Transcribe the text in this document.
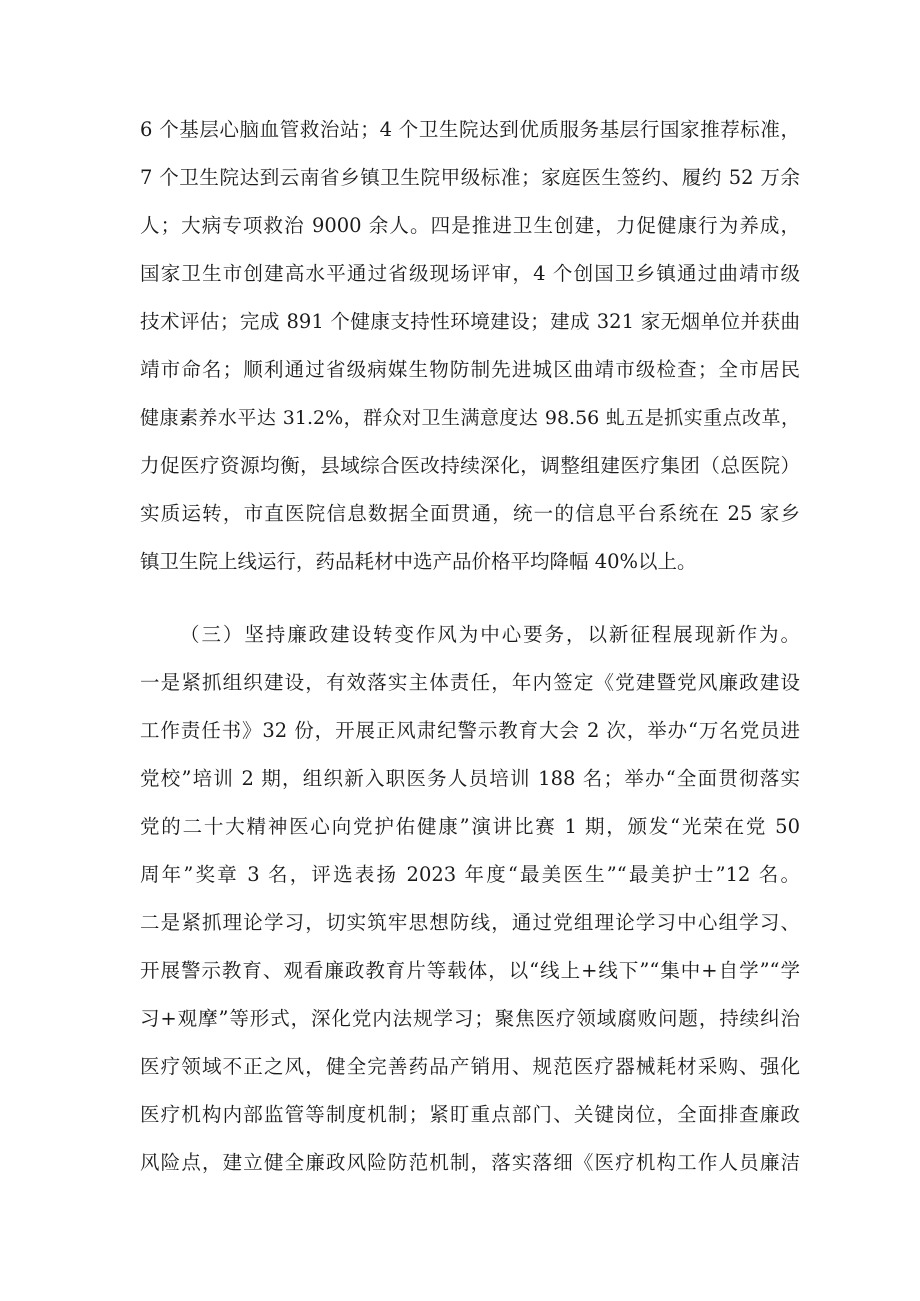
6 个基层心脑血管救治站；4 个卫生院达到优质服务基层行国家推荐标准，
7 个卫生院达到云南省乡镇卫生院甲级标准；家庭医生签约、履约 52 万余
人；大病专项救治 9000 余人。四是推进卫生创建，力促健康行为养成，
国家卫生市创建高水平通过省级现场评审，4 个创国卫乡镇通过曲靖市级
技术评估；完成 891 个健康支持性环境建设；建成 321 家无烟单位并获曲
靖市命名；顺利通过省级病媒生物防制先进城区曲靖市级检查；全市居民
健康素养水平达 31.2%，群众对卫生满意度达 98.56 虬五是抓实重点改革，
力促医疗资源均衡，县域综合医改持续深化，调整组建医疗集团（总医院）
实质运转，市直医院信息数据全面贯通，统一的信息平台系统在 25 家乡
镇卫生院上线运行，药品耗材中选产品价格平均降幅 40%以上。
（三）坚持廉政建设转变作风为中心要务，以新征程展现新作为。
一是紧抓组织建设，有效落实主体责任，年内签定《党建暨党风廉政建设
工作责任书》32 份，开展正风肃纪警示教育大会 2 次，举办“万名党员进
党校”培训 2 期，组织新入职医务人员培训 188 名；举办“全面贯彻落实
党的二十大精神医心向党护佑健康”演讲比赛 1 期，颁发“光荣在党 50
周年”奖章 3 名，评选表扬 2023 年度“最美医生”“最美护士”12 名。
二是紧抓理论学习，切实筑牢思想防线，通过党组理论学习中心组学习、
开展警示教育、观看廉政教育片等载体，以“线上+线下”“集中+自学”“学
习+观摩”等形式，深化党内法规学习；聚焦医疗领域腐败问题，持续纠治
医疗领域不正之风，健全完善药品产销用、规范医疗器械耗材采购、强化
医疗机构内部监管等制度机制；紧盯重点部门、关键岗位，全面排查廉政
风险点，建立健全廉政风险防范机制，落实落细《医疗机构工作人员廉洁
